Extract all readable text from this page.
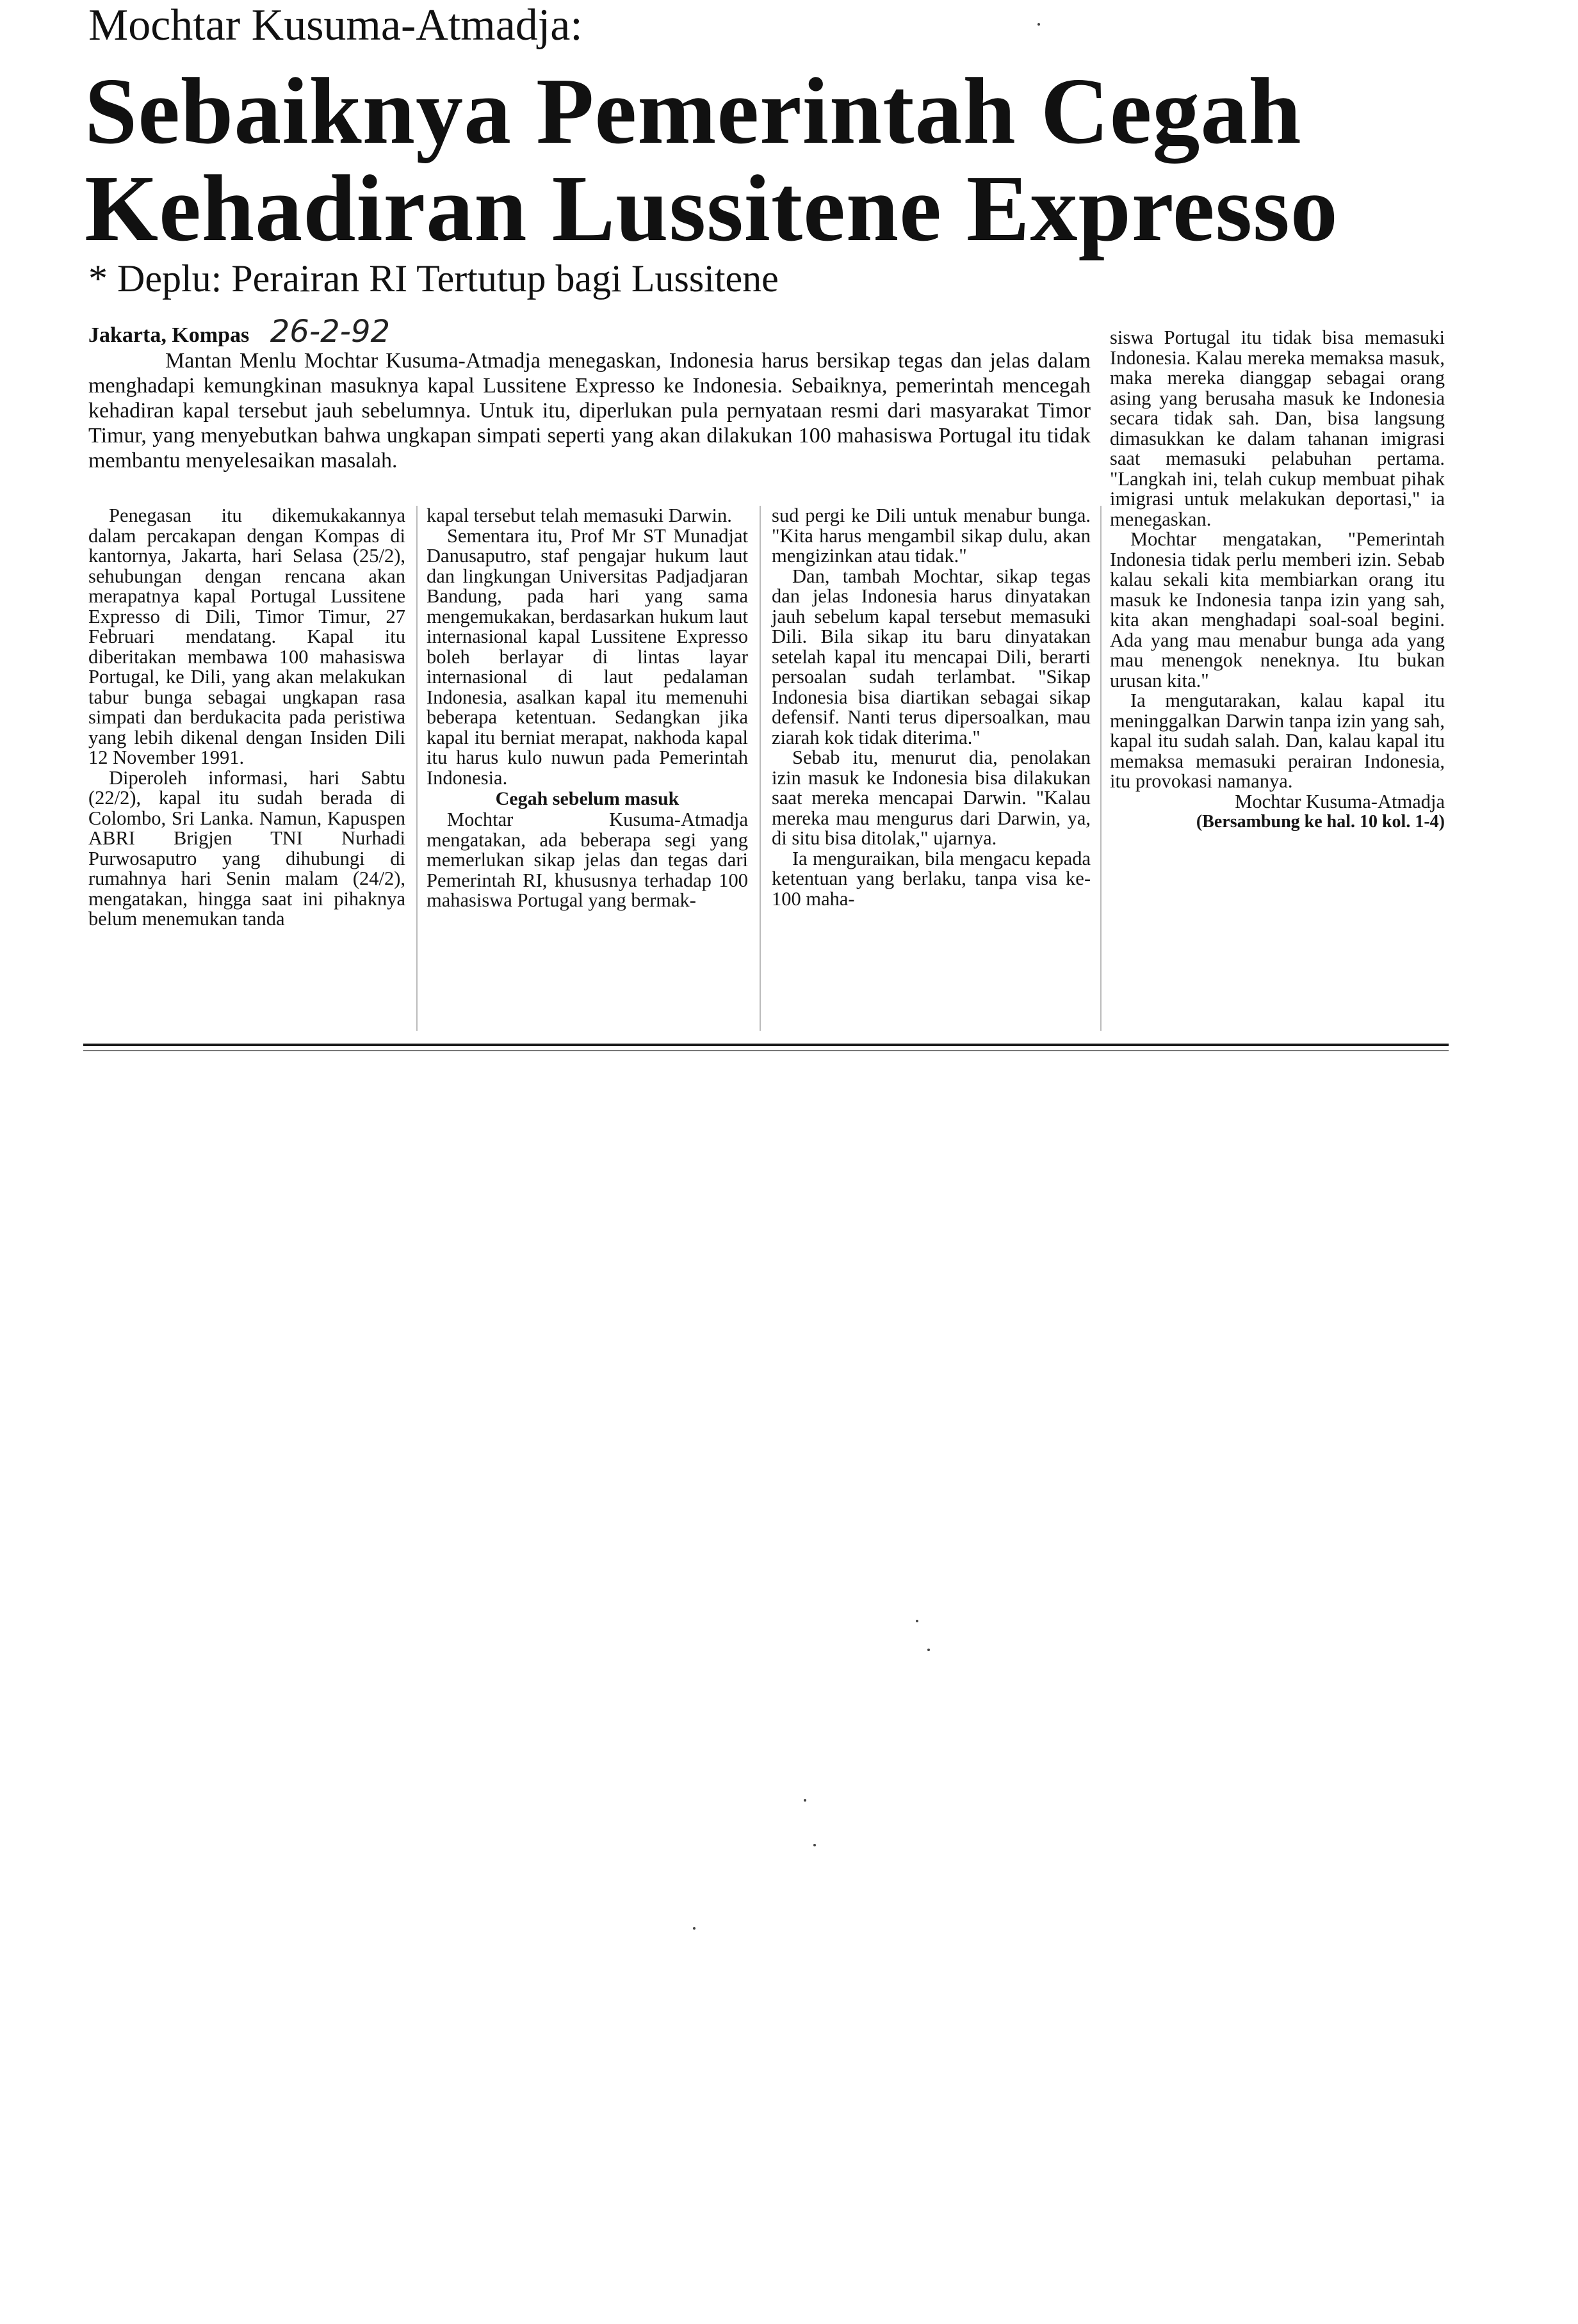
Mochtar Kusuma-Atmadja:
Sebaiknya Pemerintah Cegah
Kehadiran Lussitene Expresso
* Deplu: Perairan RI Tertutup bagi Lussitene
Jakarta, Kompas 26-2-92

Mantan Menlu Mochtar Kusuma-Atmadja menegaskan, Indonesia harus bersikap tegas dan jelas dalam menghadapi kemungkinan masuknya kapal Lussitene Expresso ke Indonesia. Sebaiknya, pemerintah mencegah kehadiran kapal tersebut jauh sebelumnya. Untuk itu, diperlukan pula pernyataan resmi dari masyarakat Timor Timur, yang menyebutkan bahwa ungkapan simpati seperti yang akan dilakukan 100 mahasiswa Portugal itu tidak membantu menyelesaikan masalah.

Penegasan itu dikemukakannya dalam percakapan dengan Kompas di kantornya, Jakarta, hari Selasa (25/2), sehubungan dengan rencana akan merapatnya kapal Portugal Lussitene Expresso di Dili, Timor Timur, 27 Februari mendatang. Kapal itu diberitakan membawa 100 mahasiswa Portugal, ke Dili, yang akan melakukan tabur bunga sebagai ungkapan rasa simpati dan berdukacita pada peristiwa yang lebih dikenal dengan Insiden Dili 12 November 1991.

Diperoleh informasi, hari Sabtu (22/2), kapal itu sudah berada di Colombo, Sri Lanka. Namun, Kapuspen ABRI Brigjen TNI Nurhadi Purwosaputro yang dihubungi di rumahnya hari Senin malam (24/2), mengatakan, hingga saat ini pihaknya belum menemukan tanda

kapal tersebut telah memasuki Darwin.

Sementara itu, Prof Mr ST Munadjat Danusaputro, staf pengajar hukum laut dan lingkungan Universitas Padjadjaran Bandung, pada hari yang sama mengemukakan, berdasarkan hukum laut internasional kapal Lussitene Expresso boleh berlayar di lintas layar internasional di laut pedalaman Indonesia, asalkan kapal itu memenuhi beberapa ketentuan. Sedangkan jika kapal itu berniat merapat, nakhoda kapal itu harus kulo nuwun pada Pemerintah Indonesia.

Cegah sebelum masuk

Mochtar Kusuma-Atmadja mengatakan, ada beberapa segi yang memerlukan sikap jelas dan tegas dari Pemerintah RI, khususnya terhadap 100 mahasiswa Portugal yang bermak-

sud pergi ke Dili untuk menabur bunga. "Kita harus mengambil sikap dulu, akan mengizinkan atau tidak."

Dan, tambah Mochtar, sikap tegas dan jelas Indonesia harus dinyatakan jauh sebelum kapal tersebut memasuki Dili. Bila sikap itu baru dinyatakan setelah kapal itu mencapai Dili, berarti persoalan sudah terlambat. "Sikap Indonesia bisa diartikan sebagai sikap defensif. Nanti terus dipersoalkan, mau ziarah kok tidak diterima."

Sebab itu, menurut dia, penolakan izin masuk ke Indonesia bisa dilakukan saat mereka mencapai Darwin. "Kalau mereka mau mengurus dari Darwin, ya, di situ bisa ditolak," ujarnya.

Ia menguraikan, bila mengacu kepada ketentuan yang berlaku, tanpa visa ke-100 maha-

siswa Portugal itu tidak bisa memasuki Indonesia. Kalau mereka memaksa masuk, maka mereka dianggap sebagai orang asing yang berusaha masuk ke Indonesia secara tidak sah. Dan, bisa langsung dimasukkan ke dalam tahanan imigrasi saat memasuki pelabuhan pertama. "Langkah ini, telah cukup membuat pihak imigrasi untuk melakukan deportasi," ia menegaskan.

Mochtar mengatakan, "Pemerintah Indonesia tidak perlu memberi izin. Sebab kalau sekali kita membiarkan orang itu masuk ke Indonesia tanpa izin yang sah, kita akan menghadapi soal-soal begini. Ada yang mau menabur bunga ada yang mau menengok neneknya. Itu bukan urusan kita."

Ia mengutarakan, kalau kapal itu meninggalkan Darwin tanpa izin yang sah, kapal itu sudah salah. Dan, kalau kapal itu memaksa memasuki perairan Indonesia, itu provokasi namanya.

Mochtar Kusuma-Atmadja

(Bersambung ke hal. 10 kol. 1-4)
